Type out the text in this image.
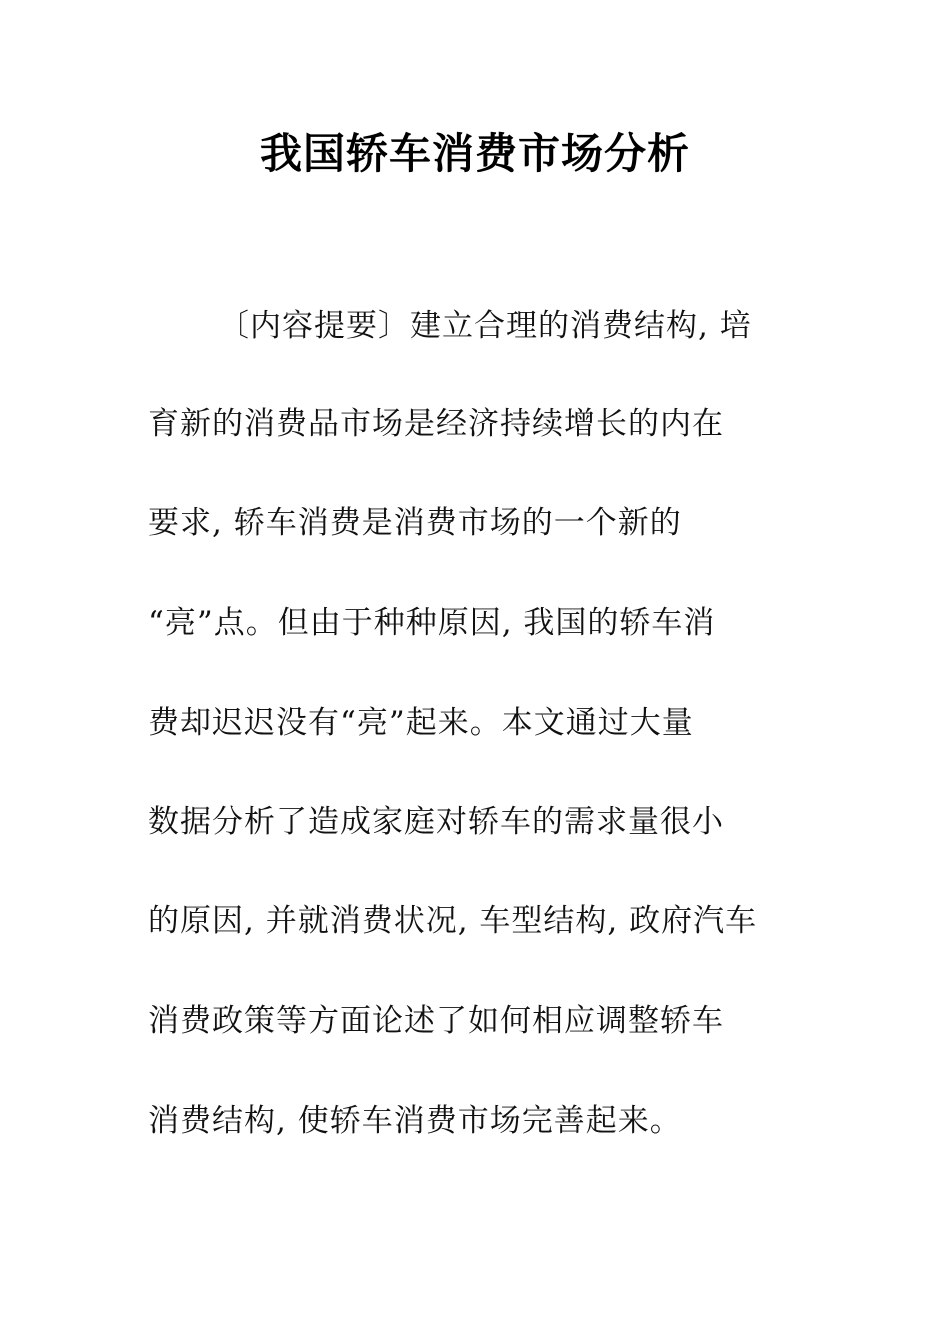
我国轿车消费市场分析
〔内容提要〕建立合理的消费结构, 培
育新的消费品市场是经济持续增长的内在
要求, 轿车消费是消费市场的一个新的
“亮”点。但由于种种原因, 我国的轿车消
费却迟迟没有“亮”起来。本文通过大量
数据分析了造成家庭对轿车的需求量很小
的原因, 并就消费状况, 车型结构, 政府汽车
消费政策等方面论述了如何相应调整轿车
消费结构, 使轿车消费市场完善起来。
